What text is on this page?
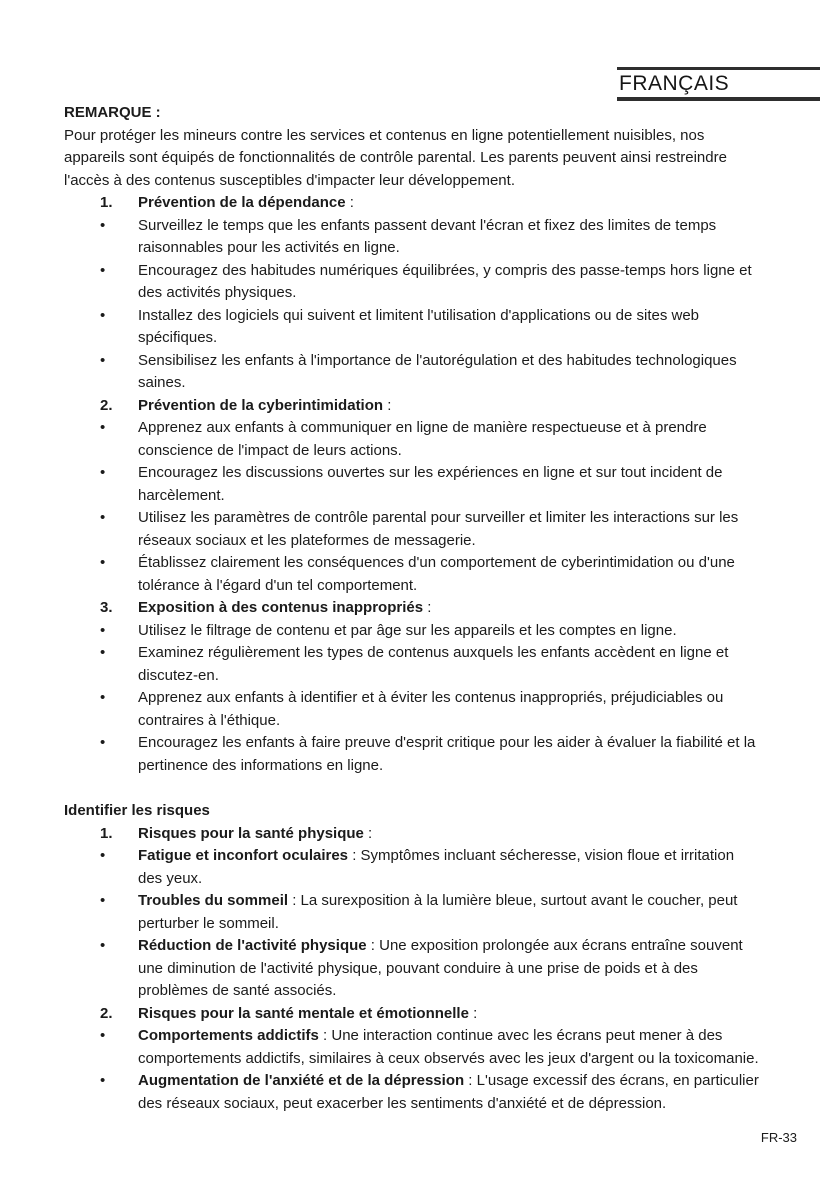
FRANÇAIS
REMARQUE :

Pour protéger les mineurs contre les services et contenus en ligne potentiellement nuisibles, nos appareils sont équipés de fonctionnalités de contrôle parental. Les parents peuvent ainsi restreindre l'accès à des contenus susceptibles d'impacter leur développement.

1.	Prévention de la dépendance :
•	Surveillez le temps que les enfants passent devant l'écran et fixez des limites de temps raisonnables pour les activités en ligne.
•	Encouragez des habitudes numériques équilibrées, y compris des passe-temps hors ligne et des activités physiques.
•	Installez des logiciels qui suivent et limitent l'utilisation d'applications ou de sites web spécifiques.
•	Sensibilisez les enfants à l'importance de l'autorégulation et des habitudes technologiques saines.
2.	Prévention de la cyberintimidation :
•	Apprenez aux enfants à communiquer en ligne de manière respectueuse et à prendre conscience de l'impact de leurs actions.
•	Encouragez les discussions ouvertes sur les expériences en ligne et sur tout incident de harcèlement.
•	Utilisez les paramètres de contrôle parental pour surveiller et limiter les interactions sur les réseaux sociaux et les plateformes de messagerie.
•	Établissez clairement les conséquences d'un comportement de cyberintimidation ou d'une tolérance à l'égard d'un tel comportement.
3.	Exposition à des contenus inappropriés :
•	Utilisez le filtrage de contenu et par âge sur les appareils et les comptes en ligne.
•	Examinez régulièrement les types de contenus auxquels les enfants accèdent en ligne et discutez-en.
•	Apprenez aux enfants à identifier et à éviter les contenus inappropriés, préjudiciables ou contraires à l'éthique.
•	Encouragez les enfants à faire preuve d'esprit critique pour les aider à évaluer la fiabilité et la pertinence des informations en ligne.
Identifier les risques
1.	Risques pour la santé physique :
•	Fatigue et inconfort oculaires : Symptômes incluant sécheresse, vision floue et irritation des yeux.
•	Troubles du sommeil : La surexposition à la lumière bleue, surtout avant le coucher, peut perturber le sommeil.
•	Réduction de l'activité physique : Une exposition prolongée aux écrans entraîne souvent une diminution de l'activité physique, pouvant conduire à une prise de poids et à des problèmes de santé associés.
2.	Risques pour la santé mentale et émotionnelle :
•	Comportements addictifs : Une interaction continue avec les écrans peut mener à des comportements addictifs, similaires à ceux observés avec les jeux d'argent ou la toxicomanie.
•	Augmentation de l'anxiété et de la dépression : L'usage excessif des écrans, en particulier des réseaux sociaux, peut exacerber les sentiments d'anxiété et de dépression.
FR-33
